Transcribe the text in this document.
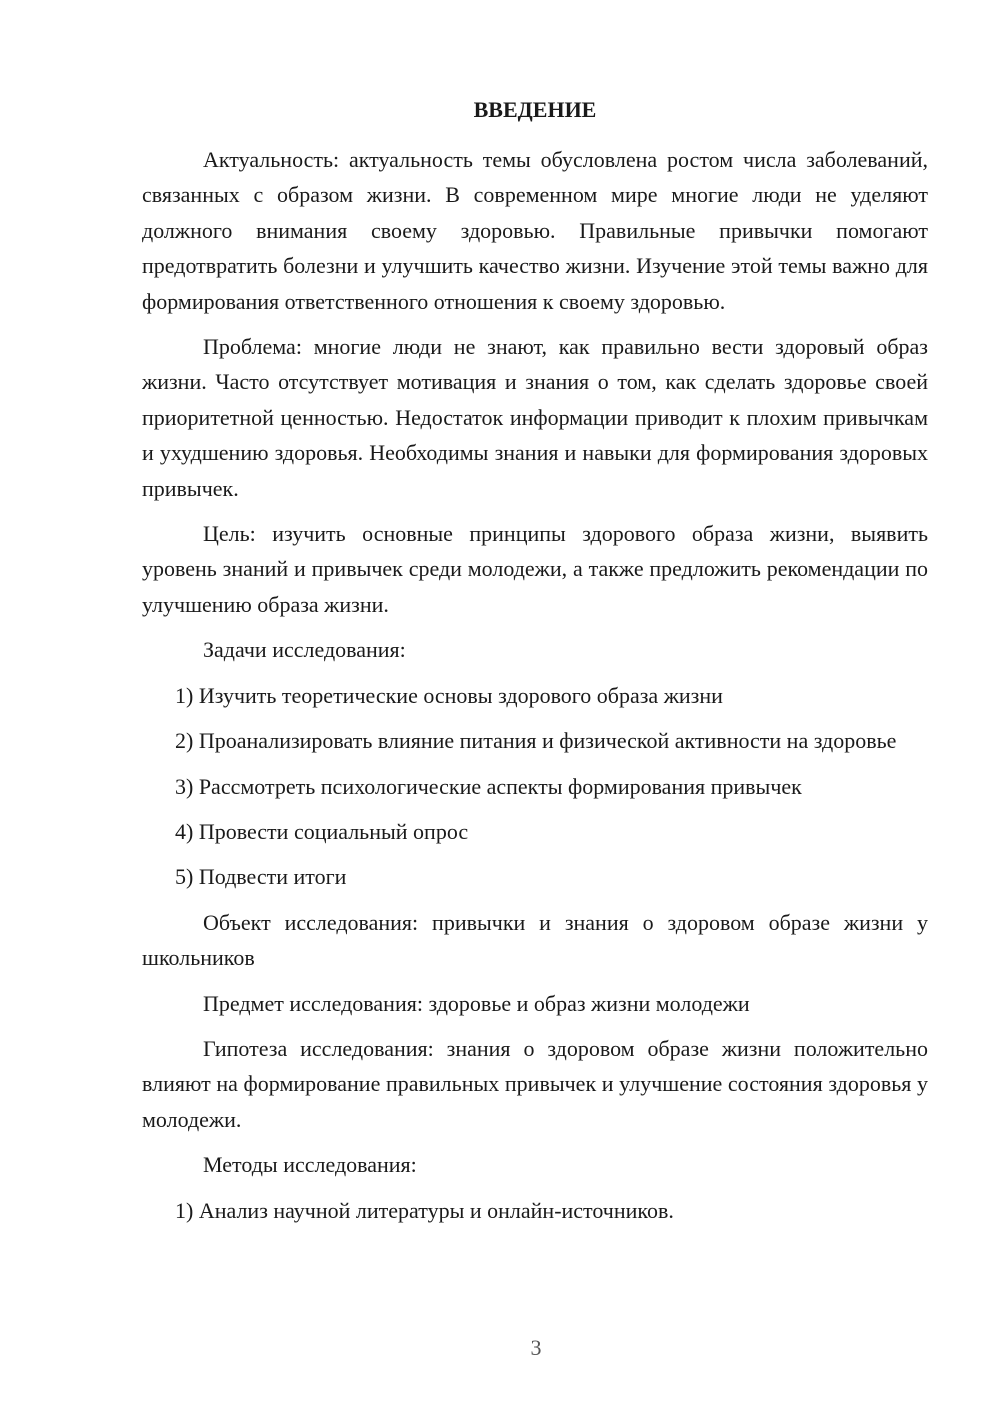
ВВЕДЕНИЕ

Актуальность: актуальность темы обусловлена ростом числа заболеваний, связанных с образом жизни. В современном мире многие люди не уделяют должного внимания своему здоровью. Правильные привычки помогают предотвратить болезни и улучшить качество жизни. Изучение этой темы важно для формирования ответственного отношения к своему здоровью.

Проблема: многие люди не знают, как правильно вести здоровый образ жизни. Часто отсутствует мотивация и знания о том, как сделать здоровье своей приоритетной ценностью. Недостаток информации приводит к плохим привычкам и ухудшению здоровья. Необходимы знания и навыки для формирования здоровых привычек.

Цель: изучить основные принципы здорового образа жизни, выявить уровень знаний и привычек среди молодежи, а также предложить рекомендации по улучшению образа жизни.

Задачи исследования:

1) Изучить теоретические основы здорового образа жизни

2) Проанализировать влияние питания и физической активности на здоровье

3) Рассмотреть психологические аспекты формирования привычек

4) Провести социальный опрос

5) Подвести итоги

Объект исследования: привычки и знания о здоровом образе жизни у школьников

Предмет исследования: здоровье и образ жизни молодежи

Гипотеза исследования: знания о здоровом образе жизни положительно влияют на формирование правильных привычек и улучшение состояния здоровья у молодежи.

Методы исследования:

1) Анализ научной литературы и онлайн-источников.

3
